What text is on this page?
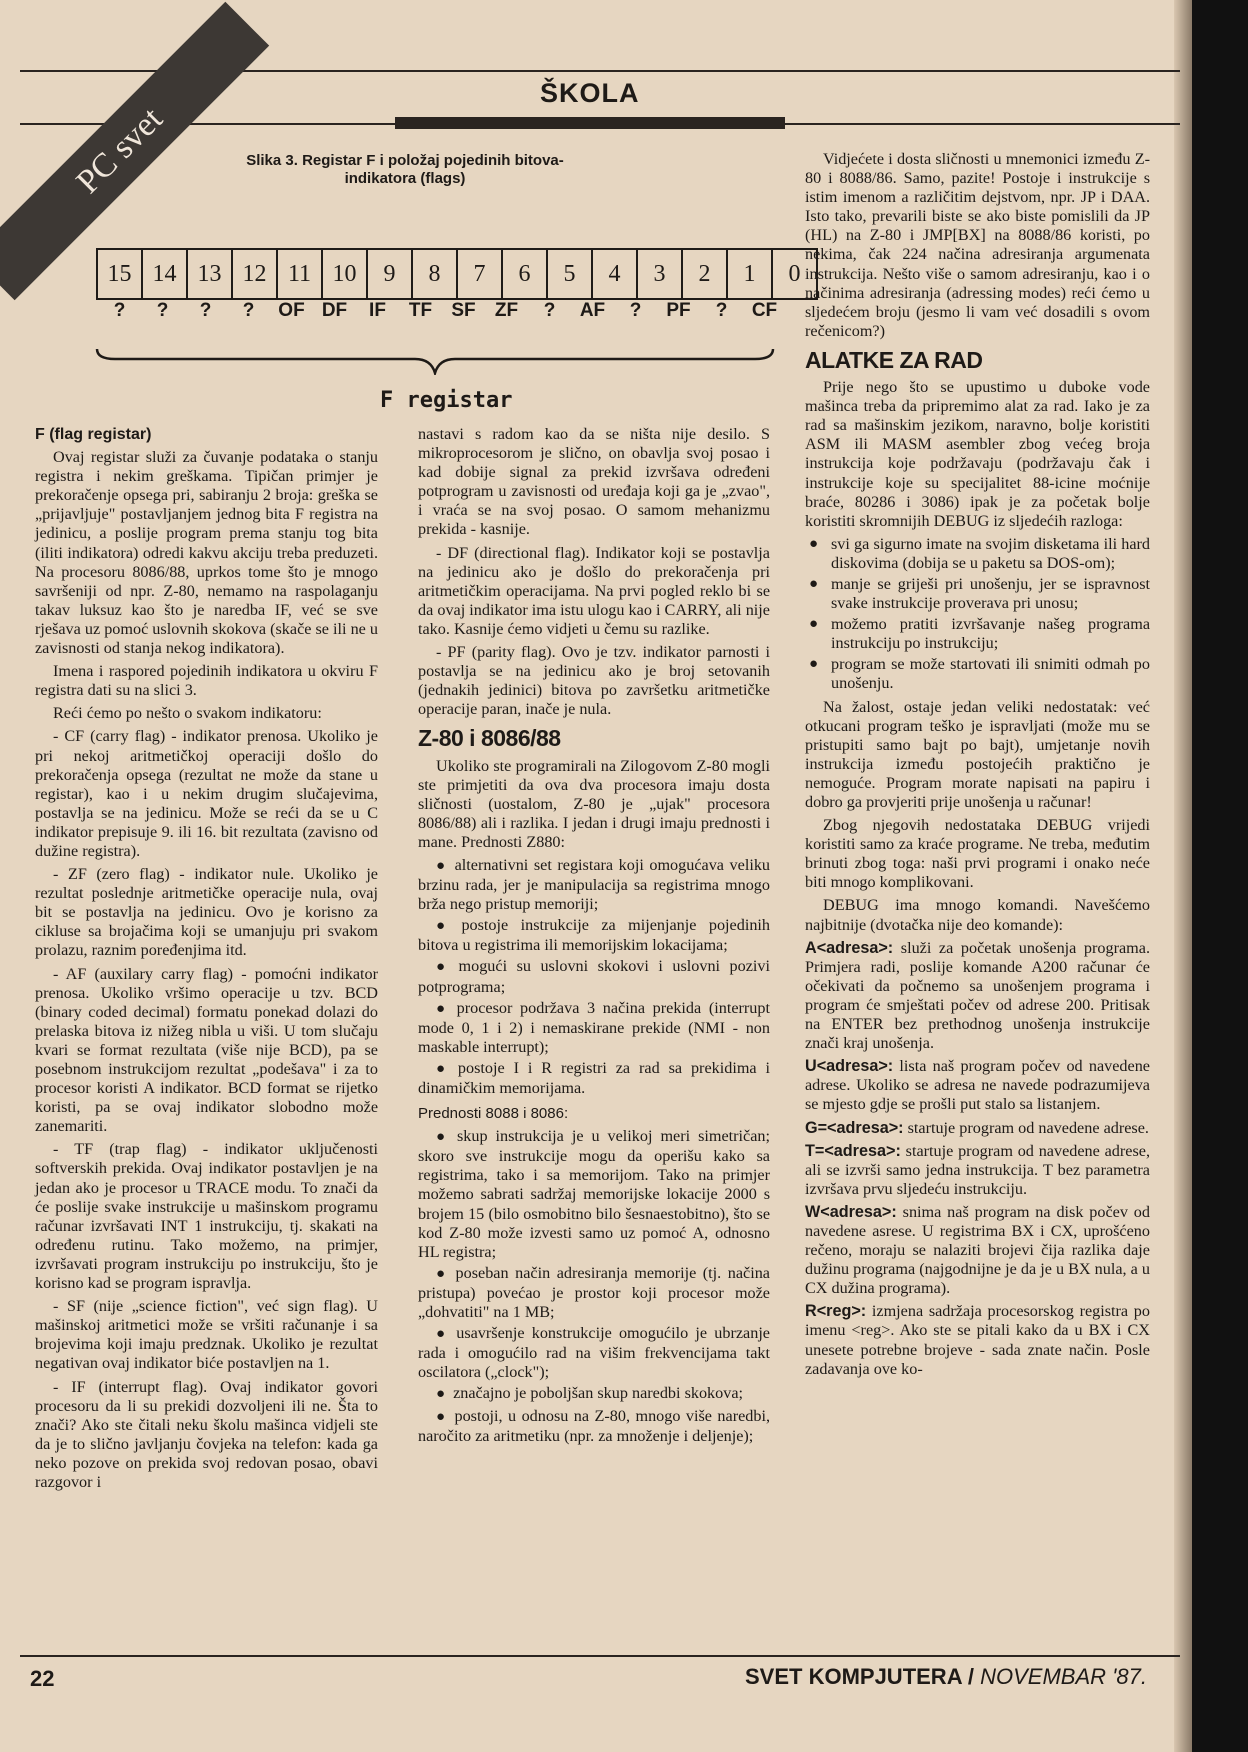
ŠKOLA
PC svet	Slika 3. Registar F i položaj pojedinih bitova-indikatora (flags)
15 14 13 12 11 10	9	8	7	6	5	4	3	2	1	0
?	?	?	?	OF DF	IF	TF	SF	ZF	?	AF	?	PF	?	CF
F registar
F (flag registar)

Ovaj registar služi za čuvanje podataka o stanju registra i nekim greškama. Tipičan primjer je prekoračenje opsega pri, sabiranju 2 broja: greška se „prijavljuje" postavljanjem jednog bita F registra na jedinicu, a poslije program prema stanju tog bita (iliti indikatora) odredi kakvu akciju treba preduzeti. Na procesoru 8086/88, uprkos tome što je mnogo savršeniji od npr. Z-80, nemamo na raspolaganju takav luksuz kao što je naredba IF, već se sve rješava uz pomoć uslovnih skokova (skače se ili ne u zavisnosti od stanja nekog indikatora).

Imena i raspored pojedinih indikatora u okviru F registra dati su na slici 3.

Reći ćemo po nešto o svakom indikatoru:

- CF (carry flag) - indikator prenosa. Ukoliko je pri nekoj aritmetičkoj operaciji došlo do prekoračenja opsega (rezultat ne može da stane u registar), kao i u nekim drugim slučajevima, postavlja se na jedinicu. Može se reći da se u C indikator prepisuje 9. ili 16. bit rezultata (zavisno od dužine registra).

- ZF (zero flag) - indikator nule. Ukoliko je rezultat poslednje aritmetičke operacije nula, ovaj bit se postavlja na jedinicu. Ovo je korisno za cikluse sa brojačima koji se umanjuju pri svakom prolazu, raznim poređenjima itd.

- AF (auxilary carry flag) - pomoćni indikator prenosa. Ukoliko vršimo operacije u tzv. BCD (binary coded decimal) formatu ponekad dolazi do prelaska bitova iz nižeg nibla u viši. U tom slučaju kvari se format rezultata (više nije BCD), pa se posebnom instrukcijom rezultat „podešava" i za to procesor koristi A indikator. BCD format se rijetko koristi, pa se ovaj indikator slobodno može zanemariti.

- TF (trap flag) - indikator uključenosti softverskih prekida. Ovaj indikator postavljen je na jedan ako je procesor u TRACE modu. To znači da će poslije svake instrukcije u mašinskom programu računar izvršavati INT 1 instrukciju, tj. skakati na određenu rutinu. Tako možemo, na primjer, izvršavati program instrukciju po instrukciju, što je korisno kad se program ispravlja.

- SF (nije „science fiction", već sign flag). U mašinskoj aritmetici može se vršiti računanje i sa brojevima koji imaju predznak. Ukoliko je rezultat negativan ovaj indikator biće postavljen na 1.

- IF (interrupt flag). Ovaj indikator govori procesoru da li su prekidi dozvoljeni ili ne. Šta to znači? Ako ste čitali neku školu mašinca vidjeli ste da je to slično javljanju čovjeka na telefon: kada ga neko pozove on prekida svoj redovan posao, obavi razgovor i

nastavi s radom kao da se ništa nije desilo. S mikroprocesorom je slično, on obavlja svoj posao i kad dobije signal za prekid izvršava određeni potprogram u zavisnosti od uređaja koji ga je „zvao", i vraća se na svoj posao. O samom mehanizmu prekida - kasnije.

- DF (directional flag). Indikator koji se postavlja na jedinicu ako je došlo do prekoračenja pri aritmetičkim operacijama. Na prvi pogled reklo bi se da ovaj indikator ima istu ulogu kao i CARRY, ali nije tako. Kasnije ćemo vidjeti u čemu su razlike.

- PF (parity flag). Ovo je tzv. indikator parnosti i postavlja se na jedinicu ako je broj setovanih (jednakih jedinici) bitova po završetku aritmetičke operacije paran, inače je nula.

Z-80 i 8086/88

Ukoliko ste programirali na Zilogovom Z-80 mogli ste primjetiti da ova dva procesora imaju dosta sličnosti (uostalom, Z-80 je „ujak" procesora 8086/88) ali i razlika. I jedan i drugi imaju prednosti i mane. Prednosti Z880:

● alternativni set registara koji omogućava veliku brzinu rada, jer je manipulacija sa registrima mnogo brža nego pristup memoriji;
● postoje instrukcije za mijenjanje pojedinih bitova u registrima ili memorijskim lokacijama;
● mogući su uslovni skokovi i uslovni pozivi potprograma;
● procesor podržava 3 načina prekida (interrupt mode 0, 1 i 2) i nemaskirane prekide (NMI - non maskable interrupt);
● postoje I i R registri za rad sa prekidima i dinamičkim memorijama.
Prednosti 8088 i 8086:
● skup instrukcija je u velikoj meri simetričan; skoro sve instrukcije mogu da operišu kako sa registrima, tako i sa memorijom. Tako na primjer možemo sabrati sadržaj memorijske lokacije 2000 s brojem 15 (bilo osmobitno bilo šesnaestobitno), što se kod Z-80 može izvesti samo uz pomoć A, odnosno HL registra;
● poseban način adresiranja memorije (tj. načina pristupa) povećao je prostor koji procesor može „dohvatiti" na 1 MB;
● usavršenje konstrukcije omogućilo je ubrzanje rada i omogućilo rad na višim frekvencijama takt oscilatora („clock");
● značajno je poboljšan skup naredbi skokova;
● postoji, u odnosu na Z-80, mnogo više naredbi, naročito za aritmetiku (npr. za množenje i deljenje);

Vidjećete i dosta sličnosti u mnemonici između Z-80 i 8088/86. Samo, pazite! Postoje i instrukcije s istim imenom a različitim dejstvom, npr. JP i DAA. Isto tako, prevarili biste se ako biste pomislili da JP (HL) na Z-80 i JMP[BX] na 8088/86 koristi, po nekima, čak 224 načina adresiranja argumenata instrukcija. Nešto više o samom adresiranju, kao i o načinima adresiranja (adressing modes) reći ćemo u sljedećem broju (jesmo li vam već dosadili s ovom rečenicom?)

ALATKE ZA RAD

Prije nego što se upustimo u duboke vode mašinca treba da pripremimo alat za rad. Iako je za rad sa mašinskim jezikom, naravno, bolje koristiti ASM ili MASM asembler zbog većeg broja instrukcija koje podržavaju (podržavaju čak i instrukcije koje su specijalitet 88-icine moćnije braće, 80286 i 3086) ipak je za početak bolje koristiti skromnijih DEBUG iz sljedećih razloga:

● svi ga sigurno imate na svojim disketama ili hard diskovima (dobija se u paketu sa DOS-om);
● manje se griješi pri unošenju, jer se ispravnost svake instrukcije proverava pri unosu;
● možemo pratiti izvršavanje našeg programa instrukciju po instrukciju;
● program se može startovati ili snimiti odmah po unošenju.

Na žalost, ostaje jedan veliki nedostatak: već otkucani program teško je ispravljati (može mu se pristupiti samo bajt po bajt), umjetanje novih instrukcija između postojećih praktično je nemoguće. Program morate napisati na papiru i dobro ga provjeriti prije unošenja u računar!

Zbog njegovih nedostataka DEBUG vrijedi koristiti samo za kraće programe. Ne treba, međutim brinuti zbog toga: naši prvi programi i onako neće biti mnogo komplikovani.

DEBUG ima mnogo komandi. Navešćemo najbitnije (dvotačka nije deo komande):

A<adresa>: služi za početak unošenja programa. Primjera radi, poslije komande A200 računar će očekivati da počnemo sa unošenjem programa i program će smještati počev od adrese 200. Pritisak na ENTER bez prethodnog unošenja instrukcije znači kraj unošenja.

U<adresa>: lista naš program počev od navedene adrese. Ukoliko se adresa ne navede podrazumijeva se mjesto gdje se prošli put stalo sa listanjem.

G=<adresa>: startuje program od navedene adrese.

T=<adresa>: startuje program od navedene adrese, ali se izvrši samo jedna instrukcija. T bez parametra izvršava prvu sljedeću instrukciju.

W<adresa>: snima naš program na disk počev od navedene asrese. U registrima BX i CX, uprošćeno rečeno, moraju se nalaziti brojevi čija razlika daje dužinu programa (najgodnijne je da je u BX nula, a u CX dužina programa).

R<reg>: izmjena sadržaja procesorskog registra po imenu <reg>. Ako ste se pitali kako da u BX i CX unesete potrebne brojeve - sada znate način. Posle zadavanja ove ko-

22	SVET KOMPJUTERA / NOVEMBAR '87.
